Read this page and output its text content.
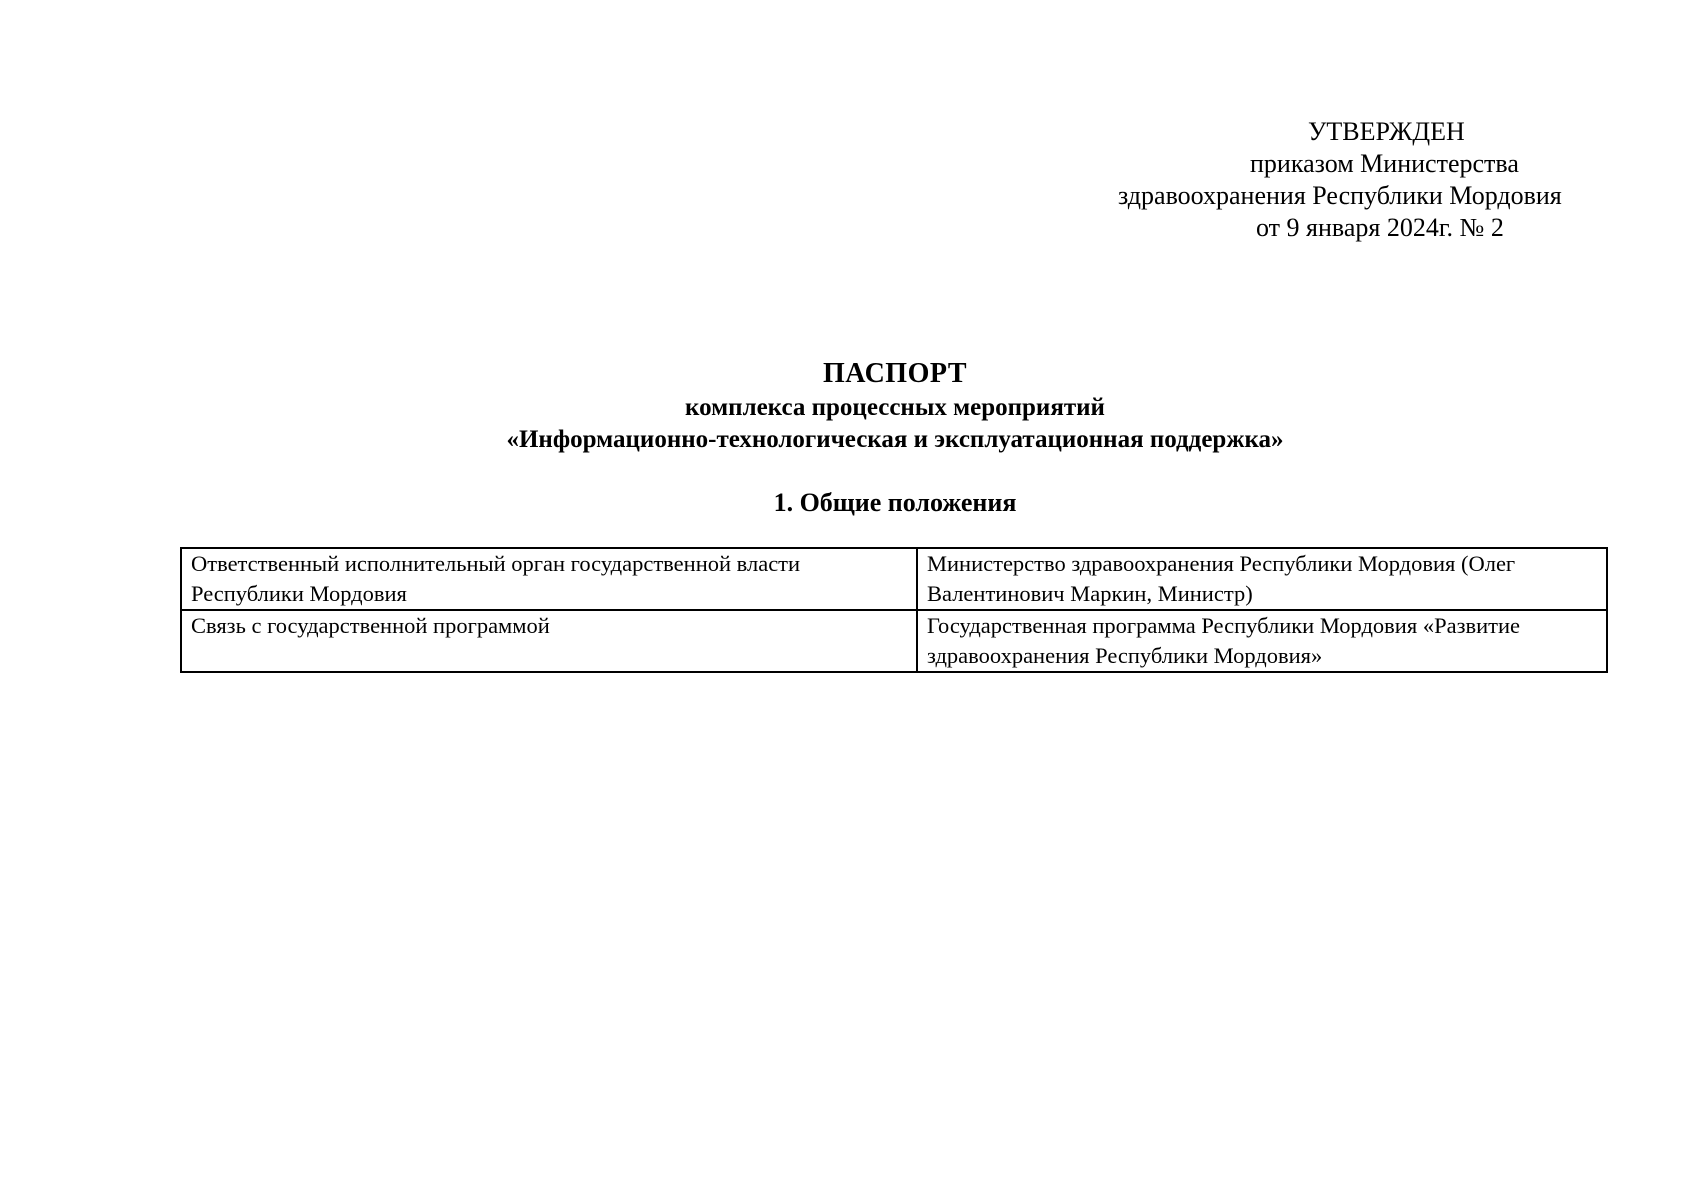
УТВЕРЖДЕН
приказом Министерства
здравоохранения Республики Мордовия
от 9 января 2024г. № 2
ПАСПОРТ
комплекса процессных мероприятий
«Информационно-технологическая и эксплуатационная поддержка»
1. Общие положения
Ответственный исполнительный орган государственной власти Республики Мордовия	Министерство здравоохранения Республики Мордовия (Олег Валентинович Маркин, Министр)
Связь с государственной программой	Государственная программа Республики Мордовия «Развитие здравоохранения Республики Мордовия»
